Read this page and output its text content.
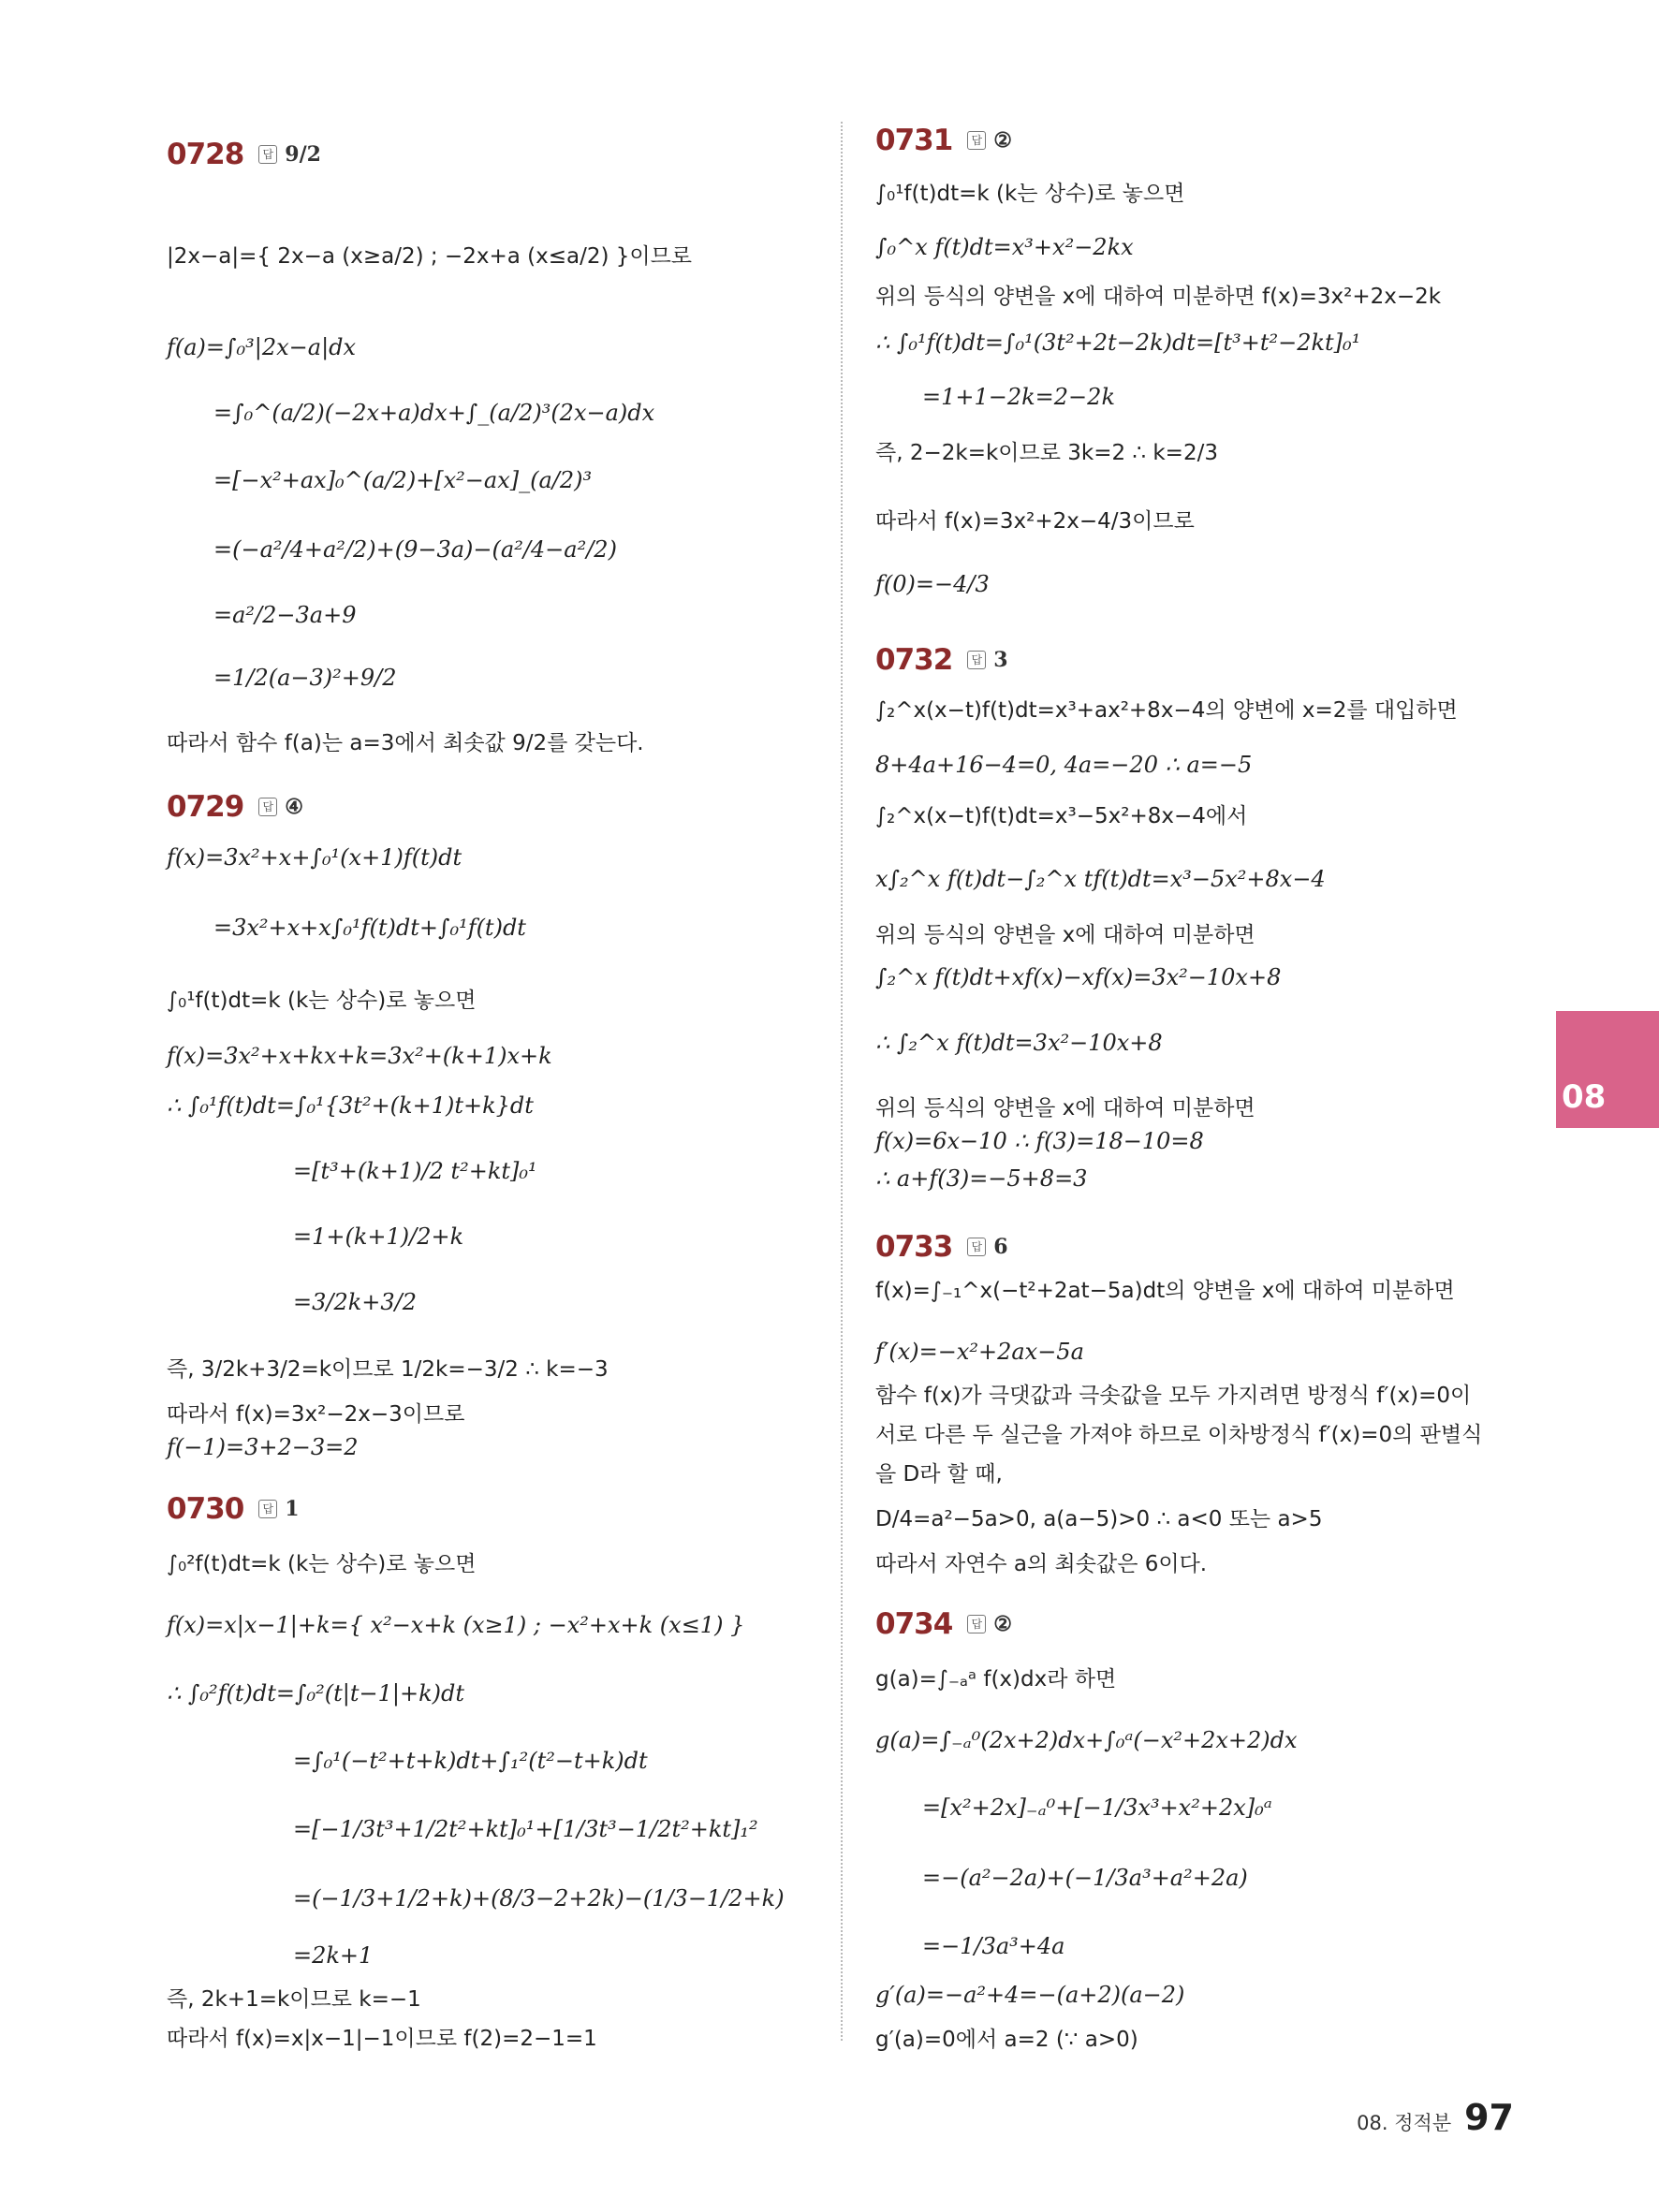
0728	답 9/2
|2x−a|={ 2x−a (x≥a/2) ; −2x+a (x≤a/2) }이므로
f(a)=∫₀³|2x−a|dx
=∫₀^(a/2)(−2x+a)dx+∫_(a/2)³(2x−a)dx
=[−x²+ax]₀^(a/2)+[x²−ax]_(a/2)³
=(−a²/4+a²/2)+(9−3a)−(a²/4−a²/2)
=a²/2−3a+9
=1/2(a−3)²+9/2
따라서 함수 f(a)는 a=3에서 최솟값 9/2를 갖는다.
0729	답 ④
f(x)=3x²+x+∫₀¹(x+1)f(t)dt
=3x²+x+x∫₀¹f(t)dt+∫₀¹f(t)dt
∫₀¹f(t)dt=k (k는 상수)로 놓으면
f(x)=3x²+x+kx+k=3x²+(k+1)x+k
∴ ∫₀¹f(t)dt=∫₀¹{3t²+(k+1)t+k}dt
=[t³+(k+1)/2 t²+kt]₀¹
=1+(k+1)/2+k
=3/2k+3/2
즉, 3/2k+3/2=k이므로 1/2k=−3/2 ∴ k=−3
따라서 f(x)=3x²−2x−3이므로
f(−1)=3+2−3=2
0730	답 1
∫₀²f(t)dt=k (k는 상수)로 놓으면
f(x)=x|x−1|+k={ x²−x+k (x≥1) ; −x²+x+k (x≤1) }
∴ ∫₀²f(t)dt=∫₀²(t|t−1|+k)dt
=∫₀¹(−t²+t+k)dt+∫₁²(t²−t+k)dt
=[−1/3t³+1/2t²+kt]₀¹+[1/3t³−1/2t²+kt]₁²
=(−1/3+1/2+k)+(8/3−2+2k)−(1/3−1/2+k)
=2k+1
즉, 2k+1=k이므로 k=−1
따라서 f(x)=x|x−1|−1이므로 f(2)=2−1=1
0731	답 ②
∫₀¹f(t)dt=k (k는 상수)로 놓으면
∫₀^x f(t)dt=x³+x²−2kx
위의 등식의 양변을 x에 대하여 미분하면 f(x)=3x²+2x−2k
∴ ∫₀¹f(t)dt=∫₀¹(3t²+2t−2k)dt=[t³+t²−2kt]₀¹
=1+1−2k=2−2k
즉, 2−2k=k이므로 3k=2 ∴ k=2/3
따라서 f(x)=3x²+2x−4/3이므로
f(0)=−4/3
0732	답 3
∫₂^x(x−t)f(t)dt=x³+ax²+8x−4의 양변에 x=2를 대입하면
8+4a+16−4=0, 4a=−20 ∴ a=−5
∫₂^x(x−t)f(t)dt=x³−5x²+8x−4에서
x∫₂^x f(t)dt−∫₂^x tf(t)dt=x³−5x²+8x−4
위의 등식의 양변을 x에 대하여 미분하면
∫₂^x f(t)dt+xf(x)−xf(x)=3x²−10x+8
∴ ∫₂^x f(t)dt=3x²−10x+8
위의 등식의 양변을 x에 대하여 미분하면
f(x)=6x−10 ∴ f(3)=18−10=8
∴ a+f(3)=−5+8=3
0733	답 6
f(x)=∫₋₁^x(−t²+2at−5a)dt의 양변을 x에 대하여 미분하면
f′(x)=−x²+2ax−5a
함수 f(x)가 극댓값과 극솟값을 모두 가지려면 방정식 f′(x)=0이
서로 다른 두 실근을 가져야 하므로 이차방정식 f′(x)=0의 판별식
을 D라 할 때,
D/4=a²−5a>0, a(a−5)>0 ∴ a<0 또는 a>5
따라서 자연수 a의 최솟값은 6이다.
0734	답 ②
g(a)=∫₋ₐᵃ f(x)dx라 하면
g(a)=∫₋ₐ⁰(2x+2)dx+∫₀ᵃ(−x²+2x+2)dx
=[x²+2x]₋ₐ⁰+[−1/3x³+x²+2x]₀ᵃ
=−(a²−2a)+(−1/3a³+a²+2a)
=−1/3a³+4a
g′(a)=−a²+4=−(a+2)(a−2)
g′(a)=0에서 a=2 (∵ a>0)
08
08. 정적분 97
